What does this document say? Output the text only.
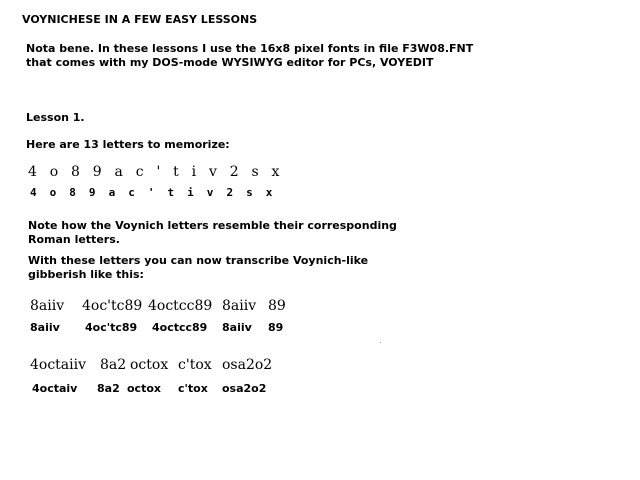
VOYNICHESE IN A FEW EASY LESSONS
Nota bene. In these lessons I use the 16x8 pixel fonts in file F3W08.FNT
that comes with my DOS-mode WYSIWYG editor for PCs, VOYEDIT
Lesson 1.
Here are 13 letters to memorize:
4 o 8 9 a c ' t i v 2 s x
4 o 8 9 a c ' t i v 2 s x
Note how the Voynich letters resemble their corresponding
Roman letters.
With these letters you can now transcribe Voynich-like
gibberish like this:

8aiiv

8aiiv

4oc'tc89

4oc'tc89

4octcc89

4octcc89

8aiiv

8aiiv

89

89

4octaiiv

4octaiv

8a2

8a2

octox

octox

c'tox

c'tox

osa2o2

osa2o2
